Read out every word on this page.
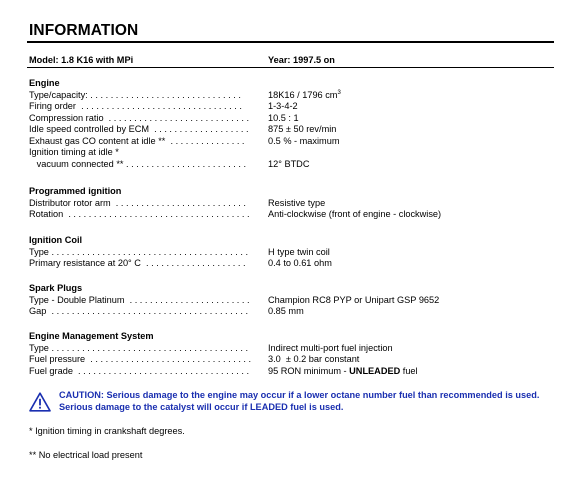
INFORMATION
Model: 1.8 K16 with MPi	Year: 1997.5 on
Engine
Type/capacity: . . . . . . . . . . . . . . . . . . . . . . . . . . . . . .	18K16 / 1796 $cm^3$
Firing order  . . . . . . . . . . . . . . . . . . . . . . . . . . . . . . . .	1-3-4-2
Compression ratio  . . . . . . . . . . . . . . . . . . . . . . . . . . . . 10.5 : 1
Idle speed controlled by ECM  . . . . . . . . . . . . . . . . . . . 875 ± 50 rev/min
Exhaust gas CO content at idle **  . . . . . . . . . . . . . . .	0.5 % - maximum
Ignition timing at idle *
vacuum connected ** . . . . . . . . . . . . . . . . . . . . . . . . 12° BTDC
Programmed ignition
Distributor rotor arm  . . . . . . . . . . . . . . . . . . . . . . . . . . Resistive type
Rotation  . . . . . . . . . . . . . . . . . . . . . . . . . . . . . . . . . . . . Anti-clockwise (front of engine - clockwise)
Ignition Coil
Type . . . . . . . . . . . . . . . . . . . . . . . . . . . . . . . . . . . . . . . H type twin coil
Primary resistance at 20° C  . . . . . . . . . . . . . . . . . . . . 0.4 to 0.61 ohm
Spark Plugs
Type - Double Platinum  . . . . . . . . . . . . . . . . . . . . . . . . Champion RC8 PYP or Unipart GSP 9652
Gap  . . . . . . . . . . . . . . . . . . . . . . . . . . . . . . . . . . . . . . . 0.85 mm
Engine Management System
Type . . . . . . . . . . . . . . . . . . . . . . . . . . . . . . . . . . . . . . . Indirect multi-port fuel injection
Fuel pressure  . . . . . . . . . . . . . . . . . . . . . . . . . . . . . . . . 3.0  ± 0.2 bar constant
Fuel grade  . . . . . . . . . . . . . . . . . . . . . . . . . . . . . . . . . . 95 RON minimum - UNLEADED fuel
CAUTION: Serious damage to the engine may occur if a lower octane number fuel than recommended is used. Serious damage to the catalyst will occur if LEADED fuel is used.
* Ignition timing in crankshaft degrees.
** No electrical load present
